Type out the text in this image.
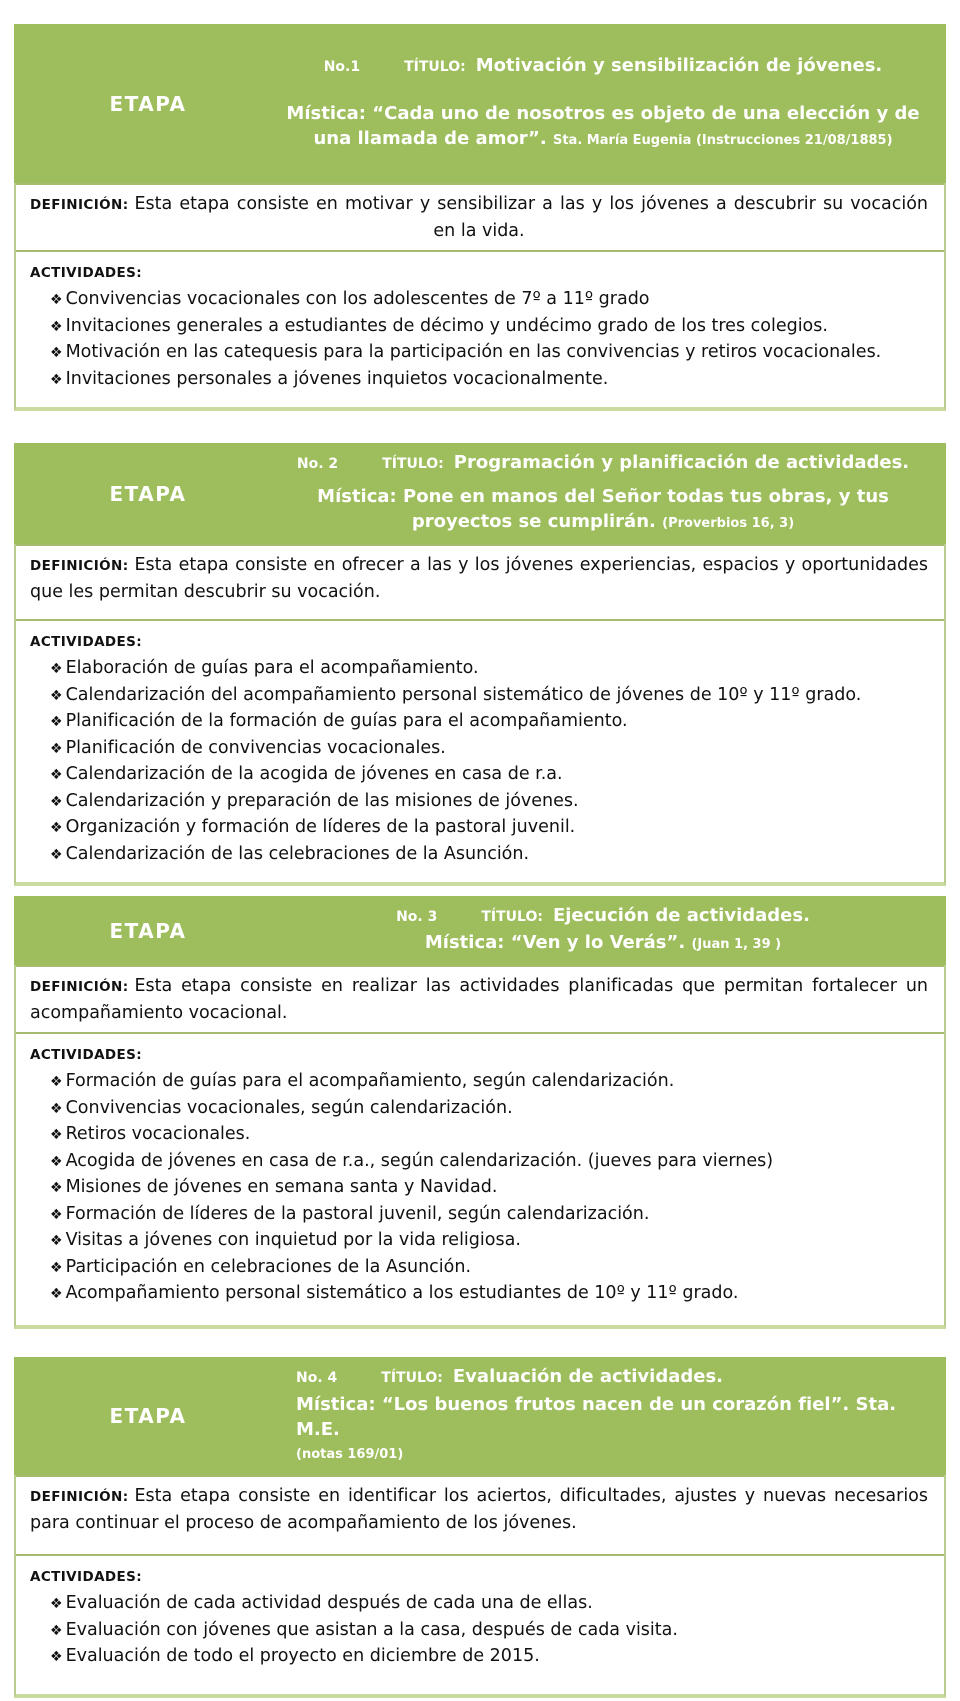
ETAPA
No.1	TÍTULO: Motivación y sensibilización de jóvenes.
Mística: “Cada uno de nosotros es objeto de una elección y de una llamada de amor”. Sta. María Eugenia (Instrucciones 21/08/1885)
DEFINICIÓN: Esta etapa consiste en motivar y sensibilizar a las y los jóvenes a descubrir su vocación en la vida.
ACTIVIDADES:
❖ Convivencias vocacionales con los adolescentes de 7º a 11º grado
❖ Invitaciones generales a estudiantes de décimo y undécimo grado de los tres colegios.
❖ Motivación en las catequesis para la participación en las convivencias y retiros vocacionales.
❖ Invitaciones personales a jóvenes inquietos vocacionalmente.
ETAPA
No. 2	TÍTULO: Programación y planificación de actividades.
Mística: Pone en manos del Señor todas tus obras, y tus proyectos se cumplirán. (Proverbios 16, 3)
DEFINICIÓN: Esta etapa consiste en ofrecer a las y los jóvenes experiencias, espacios y oportunidades que les permitan descubrir su vocación.
ACTIVIDADES:
❖ Elaboración de guías para el acompañamiento.
❖ Calendarización del acompañamiento personal sistemático de jóvenes de 10º y 11º grado.
❖ Planificación de la formación de guías para el acompañamiento.
❖ Planificación de convivencias vocacionales.
❖ Calendarización de la acogida de jóvenes en casa de r.a.
❖ Calendarización y preparación de las misiones de jóvenes.
❖ Organización y formación de líderes de la pastoral juvenil.
❖ Calendarización de las celebraciones de la Asunción.
ETAPA
No. 3	TÍTULO: Ejecución de actividades.
Mística: “Ven y lo Verás”. (Juan 1, 39 )
DEFINICIÓN: Esta etapa consiste en realizar las actividades planificadas que permitan fortalecer un acompañamiento vocacional.
ACTIVIDADES:
❖ Formación de guías para el acompañamiento, según calendarización.
❖ Convivencias vocacionales, según calendarización.
❖ Retiros vocacionales.
❖ Acogida de jóvenes en casa de r.a., según calendarización. (jueves para viernes)
❖ Misiones de jóvenes en semana santa y Navidad.
❖ Formación de líderes de la pastoral juvenil, según calendarización.
❖ Visitas a jóvenes con inquietud por la vida religiosa.
❖ Participación en celebraciones de la Asunción.
❖ Acompañamiento personal sistemático a los estudiantes de 10º y 11º grado.
ETAPA
No. 4	TÍTULO: Evaluación de actividades.
Mística: “Los buenos frutos nacen de un corazón fiel”. Sta. M.E.
(notas 169/01)
DEFINICIÓN: Esta etapa consiste en identificar los aciertos, dificultades, ajustes y nuevas necesarios para continuar el proceso de acompañamiento de los jóvenes.
ACTIVIDADES:
❖ Evaluación de cada actividad después de cada una de ellas.
❖ Evaluación con jóvenes que asistan a la casa, después de cada visita.
❖ Evaluación de todo el proyecto en diciembre de 2015.
